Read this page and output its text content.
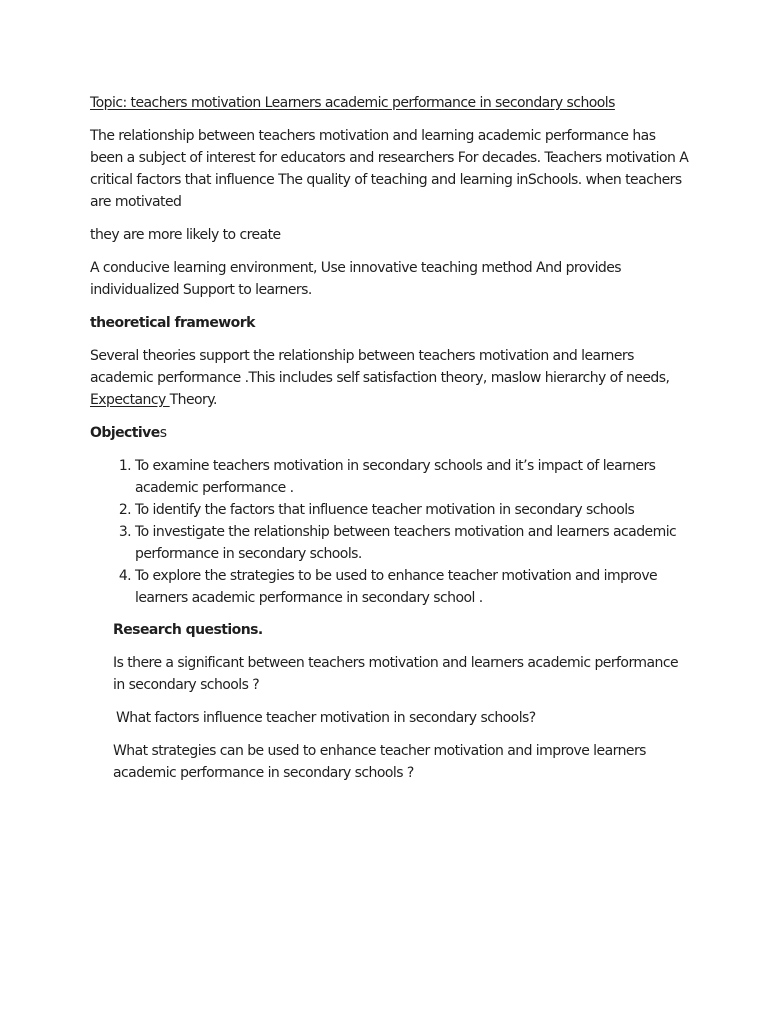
Topic: teachers motivation Learners academic performance in secondary schools

The relationship between teachers motivation and learning academic performance has been a subject of interest for educators and researchers For decades. Teachers motivation A critical factors that influence The quality of teaching and learning inSchools. when teachers are motivated

they are more likely to create

A conducive learning environment, Use innovative teaching method And provides individualized Support to learners.

theoretical framework

Several theories support the relationship between teachers motivation and learners academic performance .This includes self satisfaction theory, maslow hierarchy of needs, Expectancy Theory.

Objectives

1. To examine teachers motivation in secondary schools and it’s impact of learners academic performance .
2. To identify the factors that influence teacher motivation in secondary schools
3. To investigate the relationship between teachers motivation and learners academic performance in secondary schools.
4. To explore the strategies to be used to enhance teacher motivation and improve learners academic performance in secondary school .

Research questions.

Is there a significant between teachers motivation and learners academic performance in secondary schools ?

What factors influence teacher motivation in secondary schools?

What strategies can be used to enhance teacher motivation and improve learners academic performance in secondary schools ?
